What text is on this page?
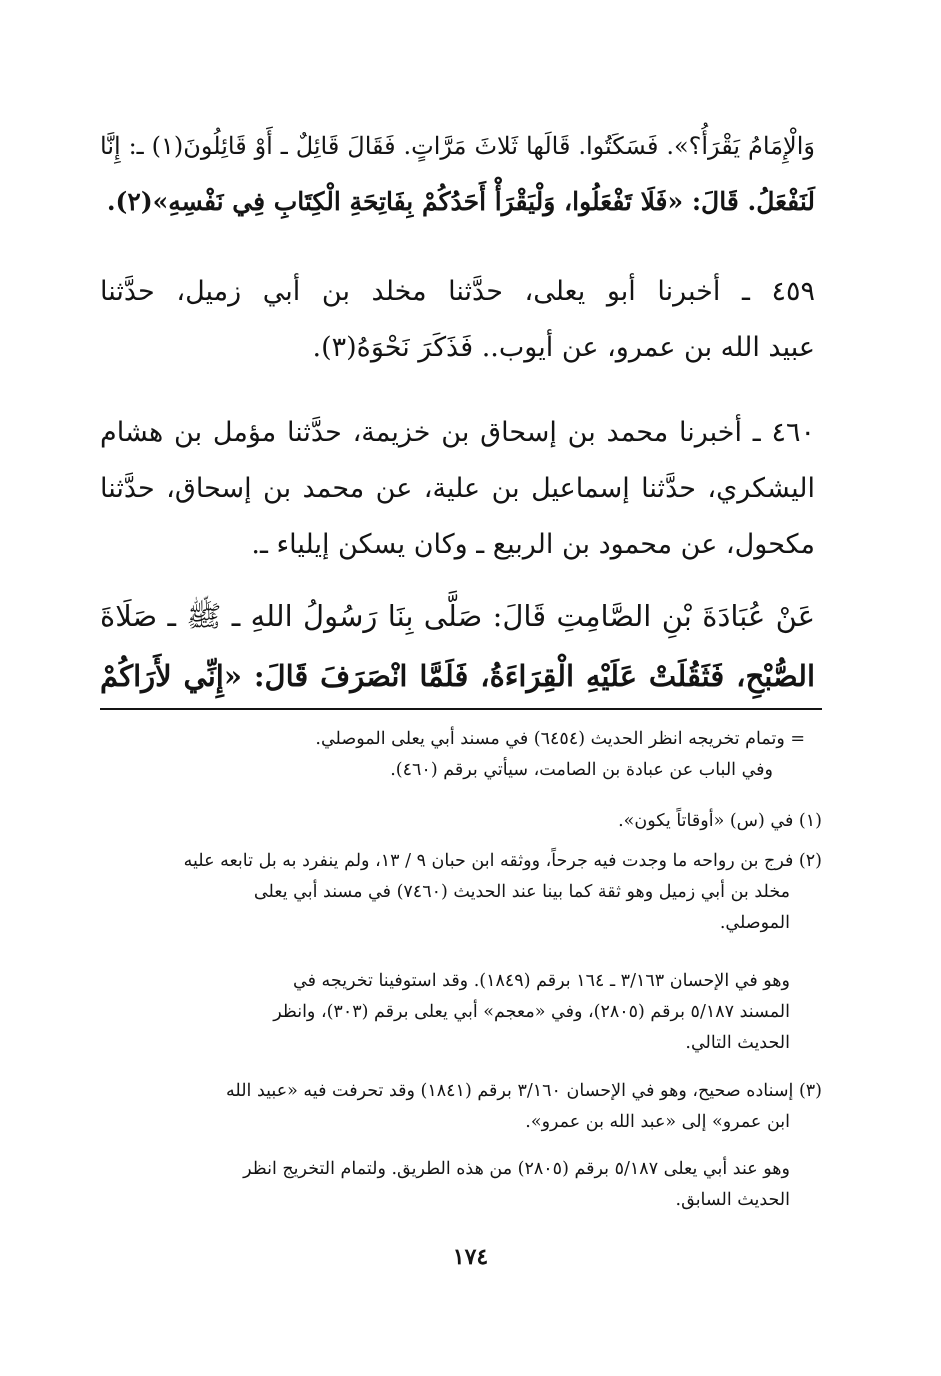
وَالْإِمَامُ يَقْرَأُ؟». فَسَكَتُوا. قَالَها ثَلاثَ مَرَّاتٍ. فَقَالَ قَائِلٌ ـ أَوْ قَائِلُونَ(١) ـ: إِنَّا
لَنَفْعَلُ. قَالَ: «فَلَا تَفْعَلُوا، وَلْيَقْرَأْ أَحَدُكُمْ بِفَاتِحَةِ الْكِتَابِ فِي نَفْسِهِ»(٢).
٤٥٩ ـ أخبرنا أبو يعلى، حدَّثنا مخلد بن أبي زميل، حدَّثنا
عبيد الله بن عمرو، عن أيوب.. فَذَكَرَ نَحْوَهُ(٣).
٤٦٠ ـ أخبرنا محمد بن إسحاق بن خزيمة، حدَّثنا مؤمل بن هشام
اليشكري، حدَّثنا إسماعيل بن علية، عن محمد بن إسحاق، حدَّثنا
مكحول، عن محمود بن الربيع ـ وكان يسكن إيلياء ـ.
عَنْ عُبَادَةَ بْنِ الصَّامِتِ قَالَ: صَلَّى بِنَا رَسُولُ اللهِ ـ ﷺ ـ صَلَاةَ
الصُّبْحِ، فَثَقُلَتْ عَلَيْهِ الْقِرَاءَةُ، فَلَمَّا انْصَرَفَ قَالَ: «إِنِّي لأَرَاكُمْ
= وتمام تخريجه انظر الحديث (٦٤٥٤) في مسند أبي يعلى الموصلي.
وفي الباب عن عبادة بن الصامت، سيأتي برقم (٤٦٠).
(١) في (س) «أوقاتاً يكون».
(٢) فرج بن رواحه ما وجدت فيه جرحاً، ووثقه ابن حبان ٩ / ١٣، ولم ينفرد به بل تابعه عليه
مخلد بن أبي زميل وهو ثقة كما بينا عند الحديث (٧٤٦٠) في مسند أبي يعلى
الموصلي.
وهو في الإحسان ٣/١٦٣ ـ ١٦٤ برقم (١٨٤٩). وقد استوفينا تخريجه في
المسند ٥/١٨٧ برقم (٢٨٠٥)، وفي «معجم» أبي يعلى برقم (٣٠٣)، وانظر
الحديث التالي.
(٣) إسناده صحيح، وهو في الإحسان ٣/١٦٠ برقم (١٨٤١) وقد تحرفت فيه «عبيد الله
ابن عمرو» إلى «عبد الله بن عمرو».
وهو عند أبي يعلى ٥/١٨٧ برقم (٢٨٠٥) من هذه الطريق. ولتمام التخريج انظر
الحديث السابق.
١٧٤
